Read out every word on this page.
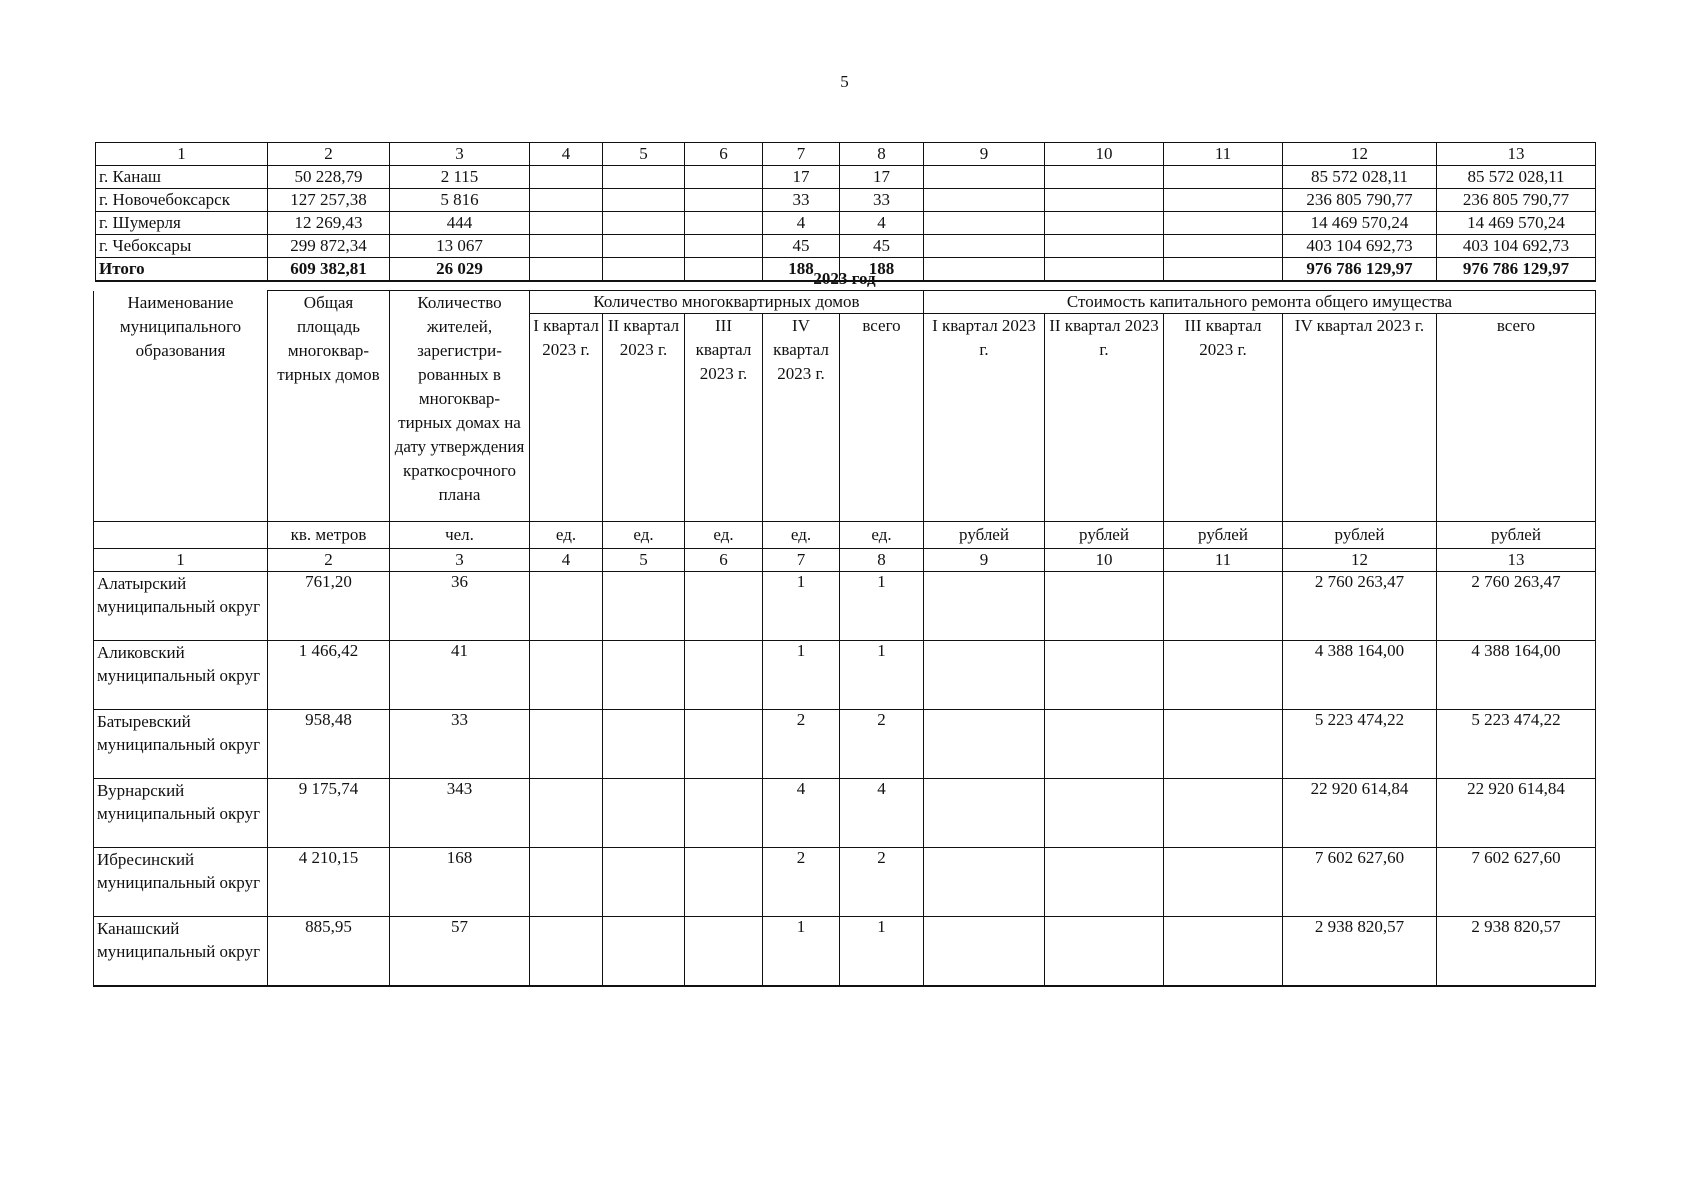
5
1	2	3	4	5	6	7	8	9	10	11	12	13
г. Канаш	50 228,79	2 115				17	17				85 572 028,11	85 572 028,11
г. Новочебоксарск	127 257,38	5 816				33	33				236 805 790,77	236 805 790,77
г. Шумерля	12 269,43	444				4	4				14 469 570,24	14 469 570,24
г. Чебоксары	299 872,34	13 067				45	45				403 104 692,73	403 104 692,73
Итого	609 382,81	26 029				188	188				976 786 129,97	976 786 129,97
2023 год												
Наименование муниципального образования	Общая площадь многоквар-тирных домов	Количество жителей, зарегистри-рованных в многоквар-тирных домах на дату утверждения краткосрочного плана	Количество многоквартирных домов					Стоимость капитального ремонта общего имущества				
			I квартал 2023 г.	II квартал 2023 г.	III квартал 2023 г.	IV квартал 2023 г.	всего	I квартал 2023 г.	II квартал 2023 г.	III квартал 2023 г.	IV квартал 2023 г.	всего
	кв. метров	чел.	ед.	ед.	ед.	ед.	ед.	рублей	рублей	рублей	рублей	рублей
1	2	3	4	5	6	7	8	9	10	11	12	13
Алатырский муниципальный округ	761,20	36				1	1				2 760 263,47	2 760 263,47
Аликовский муниципальный округ	1 466,42	41				1	1				4 388 164,00	4 388 164,00
Батыревский муниципальный округ	958,48	33				2	2				5 223 474,22	5 223 474,22
Вурнарский муниципальный округ	9 175,74	343				4	4				22 920 614,84	22 920 614,84
Ибресинский муниципальный округ	4 210,15	168				2	2				7 602 627,60	7 602 627,60
Канашский муниципальный округ	885,95	57				1	1				2 938 820,57	2 938 820,57
